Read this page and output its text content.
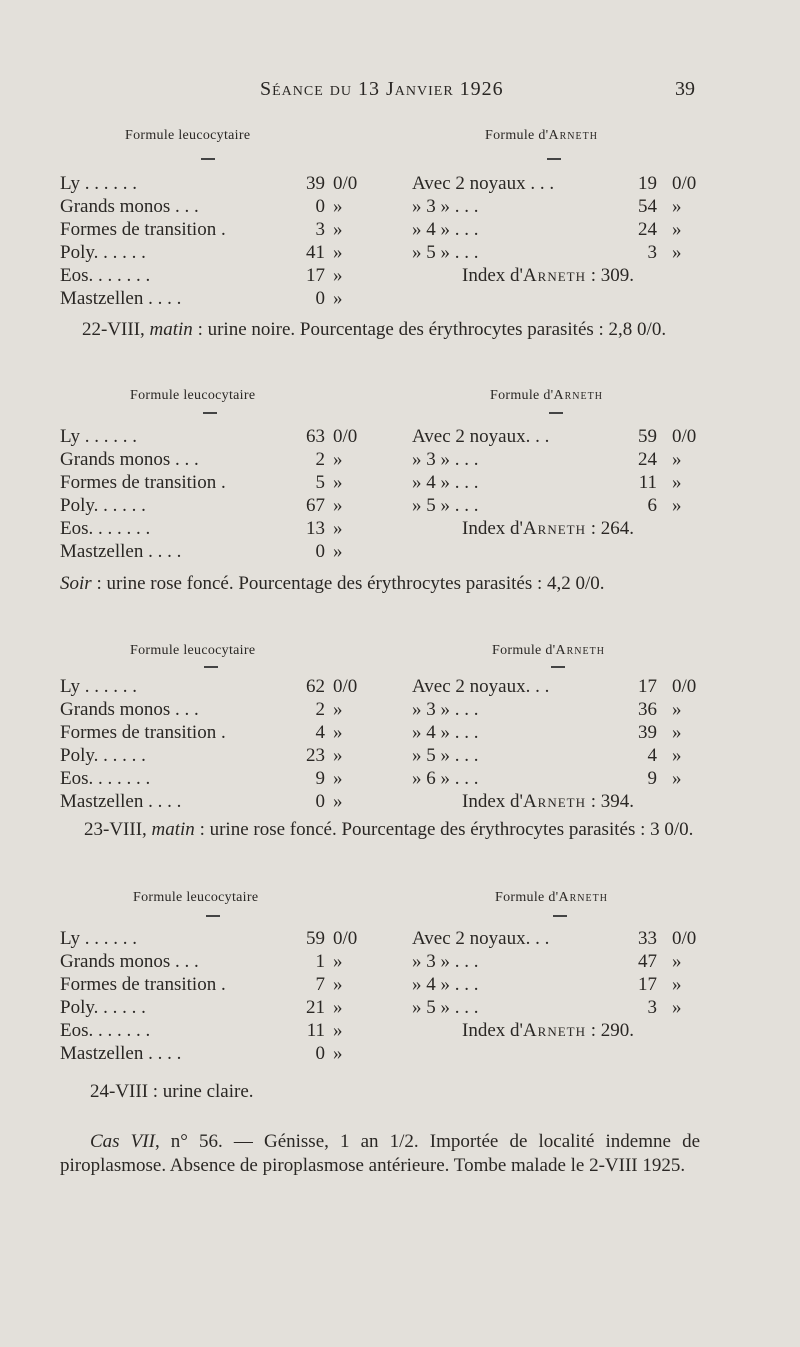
Séance du 13 Janvier 1926	39
Formule leucocytaire	Formule d'Arneth
Ly . . . . . .	39 0/0	Avec 2 noyaux . . .	19 0/0
Grands monos . . .	0 »	» 3 » . . .	54 »
Formes de transition .	3 »	» 4 » . . .	24 »
Poly. . . . . .	41 »	» 5 » . . .	3 »
Eos. . . . . . .	17 »	Index d'Arneth : 309.
Mastzellen . . . .	0 »
22-VIII, matin : urine noire. Pourcentage des érythrocytes parasités : 2,8 0/0.
Formule leucocytaire	Formule d'Arneth
Ly . . . . . .	63 0/0	Avec 2 noyaux. . .	59 0/0
Grands monos . . .	2 »	» 3 » . . .	24 »
Formes de transition .	5 »	» 4 » . . .	11 »
Poly. . . . . .	67 »	» 5 » . . .	6 »
Eos. . . . . . .	13 »	Index d'Arneth : 264.
Mastzellen . . . .	0 »
Soir : urine rose foncé. Pourcentage des érythrocytes parasités : 4,2 0/0.
Formule leucocytaire	Formule d'Arneth
Ly . . . . . .	62 0/0	Avec 2 noyaux. . .	17 0/0
Grands monos . . .	2 »	» 3 » . . .	36 »
Formes de transition .	4 »	» 4 » . . .	39 »
Poly. . . . . .	23 »	» 5 » . . .	4 »
Eos. . . . . . .	9 »	» 6 » . . .	9 »
Mastzellen . . . .	0 »	Index d'Arneth : 394.
23-VIII, matin : urine rose foncé. Pourcentage des érythrocytes parasités : 3 0/0.
Formule leucocytaire	Formule d'Arneth
Ly . . . . . .	59 0/0	Avec 2 noyaux. . .	33 0/0
Grands monos . . .	1 »	» 3 » . . .	47 »
Formes de transition .	7 »	» 4 » . . .	17 »
Poly. . . . . .	21 »	» 5 » . . .	3 »
Eos. . . . . . .	11 »	Index d'Arneth : 290.
Mastzellen . . . .	0 »
24-VIII : urine claire.
Cas VII, n° 56. — Génisse, 1 an 1/2. Importée de localité indemne de piroplasmose. Absence de piroplasmose antérieure. Tombe malade le 2-VIII 1925.
